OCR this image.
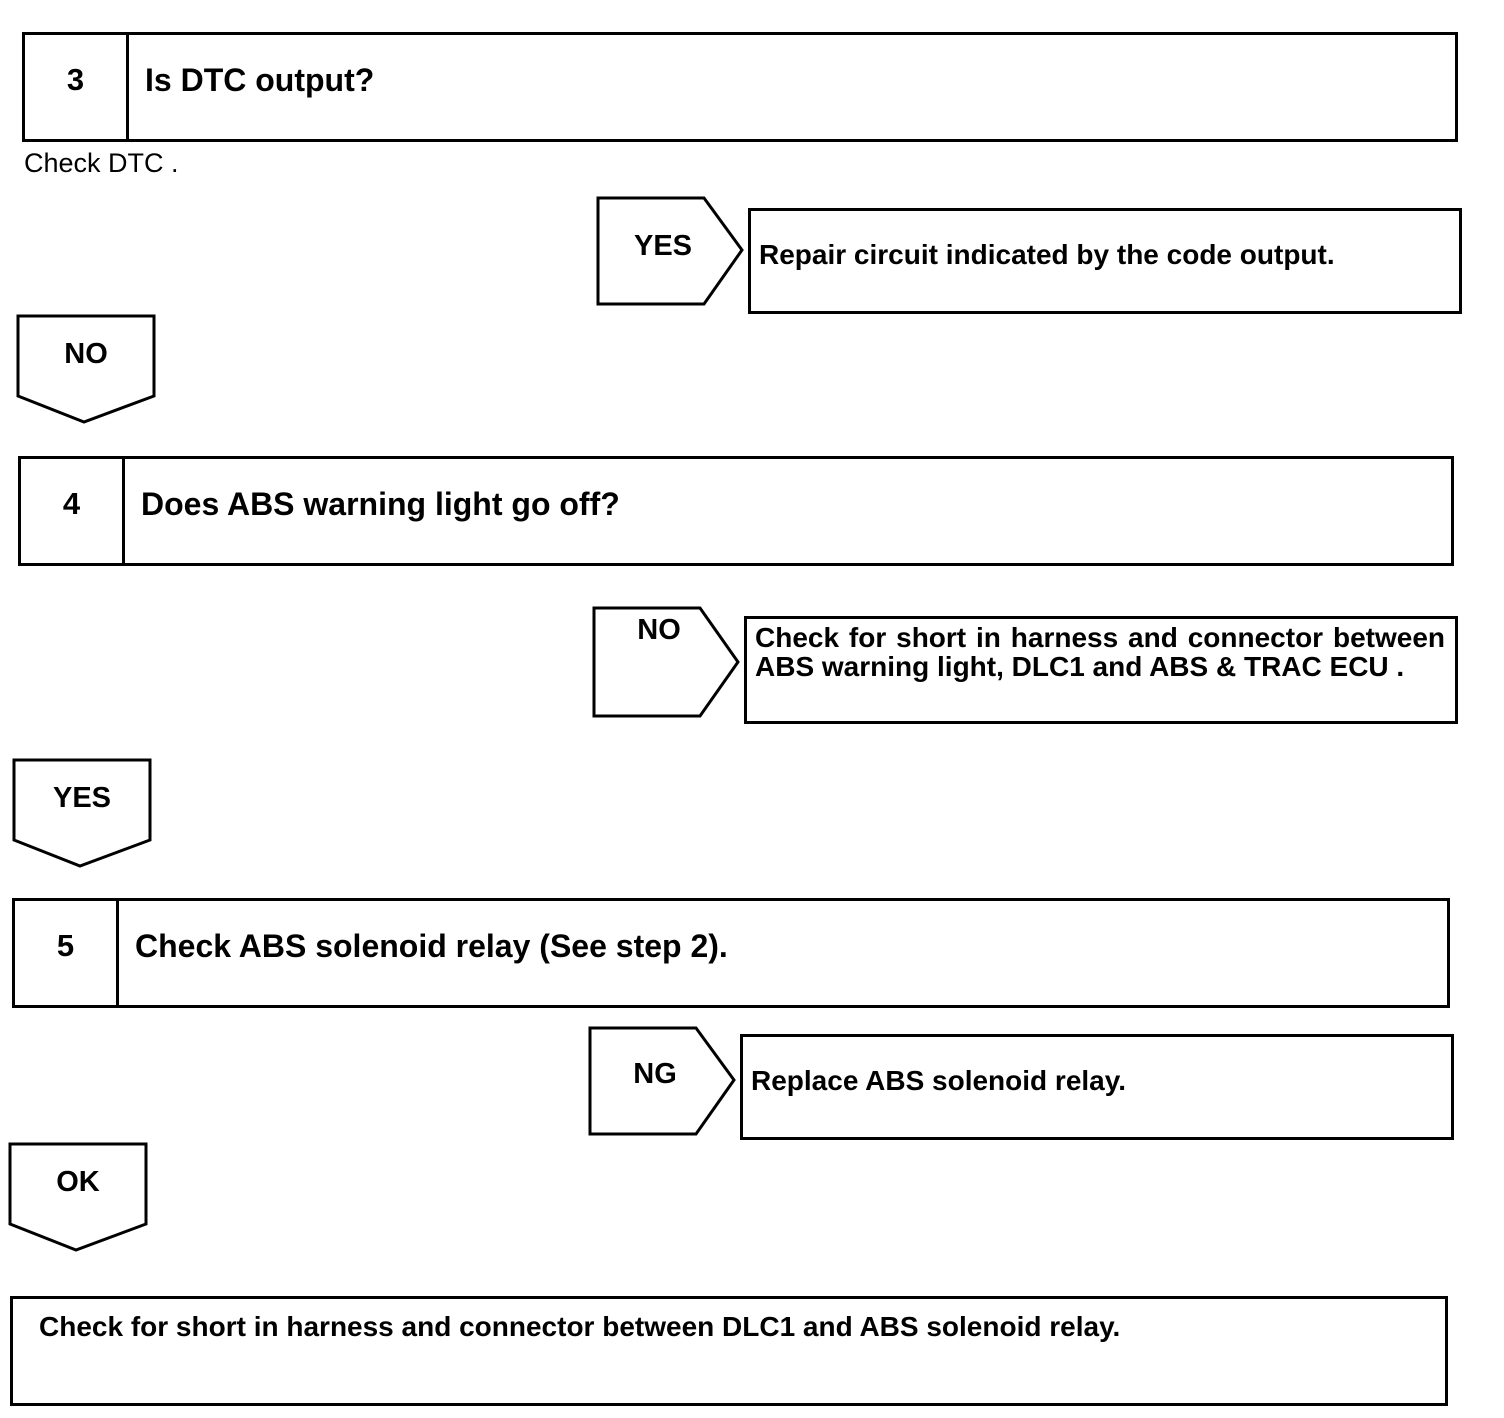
3	Is DTC output?
Check DTC .
YES	Repair circuit indicated by the code output.
NO
4	Does ABS warning light go off?
NO	Check for short in harness and connector between ABS warning light, DLC1 and ABS & TRAC ECU .
YES
5	Check ABS solenoid relay (See step 2).
NG	Replace ABS solenoid relay.
OK
Check for short in harness and connector between DLC1 and ABS solenoid relay.
